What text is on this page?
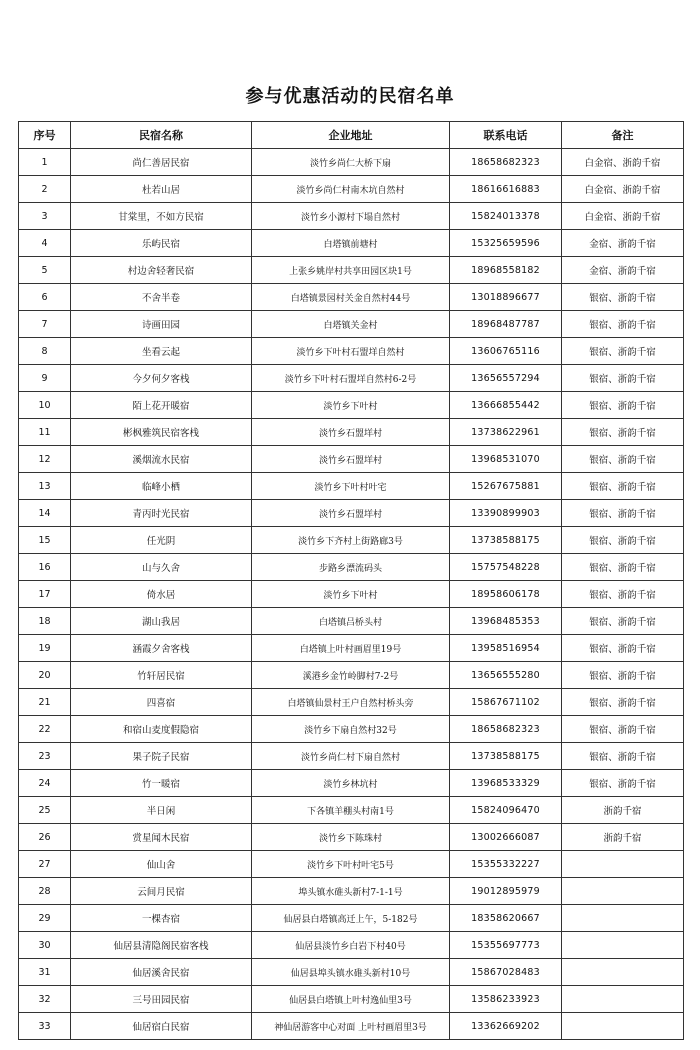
参与优惠活动的民宿名单
序号	民宿名称	企业地址	联系电话	备注
1	尚仁善居民宿	淡竹乡尚仁大桥下扇	18658682323	白金宿、浙韵千宿
2	杜若山居	淡竹乡尚仁村南木坑自然村	18616616883	白金宿、浙韵千宿
3	甘棠里，不如方民宿	淡竹乡小源村下塌自然村	15824013378	白金宿、浙韵千宿
4	乐屿民宿	白塔镇前塘村	15325659596	金宿、浙韵千宿
5	村边舍轻奢民宿	上张乡姚岸村共享田园区块1号	18968558182	金宿、浙韵千宿
6	不舍半卷	白塔镇景园村关金自然村44号	13018896677	银宿、浙韵千宿
7	诗画田园	白塔镇关金村	18968487787	银宿、浙韵千宿
8	坐看云起	淡竹乡下叶村石盟垟自然村	13606765116	银宿、浙韵千宿
9	今夕何夕客栈	淡竹乡下叶村石盟垟自然村6-2号	13656557294	银宿、浙韵千宿
10	陌上花开暖宿	淡竹乡下叶村	13666855442	银宿、浙韵千宿
11	彬枫雅筑民宿客栈	淡竹乡石盟垟村	13738622961	银宿、浙韵千宿
12	溪烟流水民宿	淡竹乡石盟垟村	13968531070	银宿、浙韵千宿
13	临峰小栖	淡竹乡下叶村叶宅	15267675881	银宿、浙韵千宿
14	青丙时光民宿	淡竹乡石盟垟村	13390899903	银宿、浙韵千宿
15	任光阴	淡竹乡下齐村上街路廊3号	13738588175	银宿、浙韵千宿
16	山与久舍	步路乡漂流码头	15757548228	银宿、浙韵千宿
17	倚水居	淡竹乡下叶村	18958606178	银宿、浙韵千宿
18	湖山我居	白塔镇吕桥头村	13968485353	银宿、浙韵千宿
19	涵霞夕舍客栈	白塔镇上叶村画眉里19号	13958516954	银宿、浙韵千宿
20	竹轩居民宿	溪港乡金竹岭脚村7-2号	13656555280	银宿、浙韵千宿
21	四喜宿	白塔镇仙景村王户自然村桥头旁	15867671102	银宿、浙韵千宿
22	和宿山麦度假隐宿	淡竹乡下扇自然村32号	18658682323	银宿、浙韵千宿
23	果子院子民宿	淡竹乡尚仁村下扇自然村	13738588175	银宿、浙韵千宿
24	竹一暖宿	淡竹乡林坑村	13968533329	银宿、浙韵千宿
25	半日闲	下各镇羊棚头村南1号	15824096470	浙韵千宿
26	赏星闻木民宿	淡竹乡下陈珠村	13002666087	浙韵千宿
27	仙山舍	淡竹乡下叶村叶宅5号	15355332227	
28	云间月民宿	埠头镇水碓头新村7-1-1号	19012895979	
29	一棵杏宿	仙居县白塔镇高迁上午，5-182号	18358620667	
30	仙居县清隐阁民宿客栈	仙居县淡竹乡白岩下村40号	15355697773	
31	仙居溪舍民宿	仙居县埠头镇水碓头新村10号	15867028483	
32	三号田园民宿	仙居县白塔镇上叶村逸仙里3号	13586233923	
33	仙居宿白民宿	神仙居游客中心对面 上叶村画眉里3号	13362669202	
